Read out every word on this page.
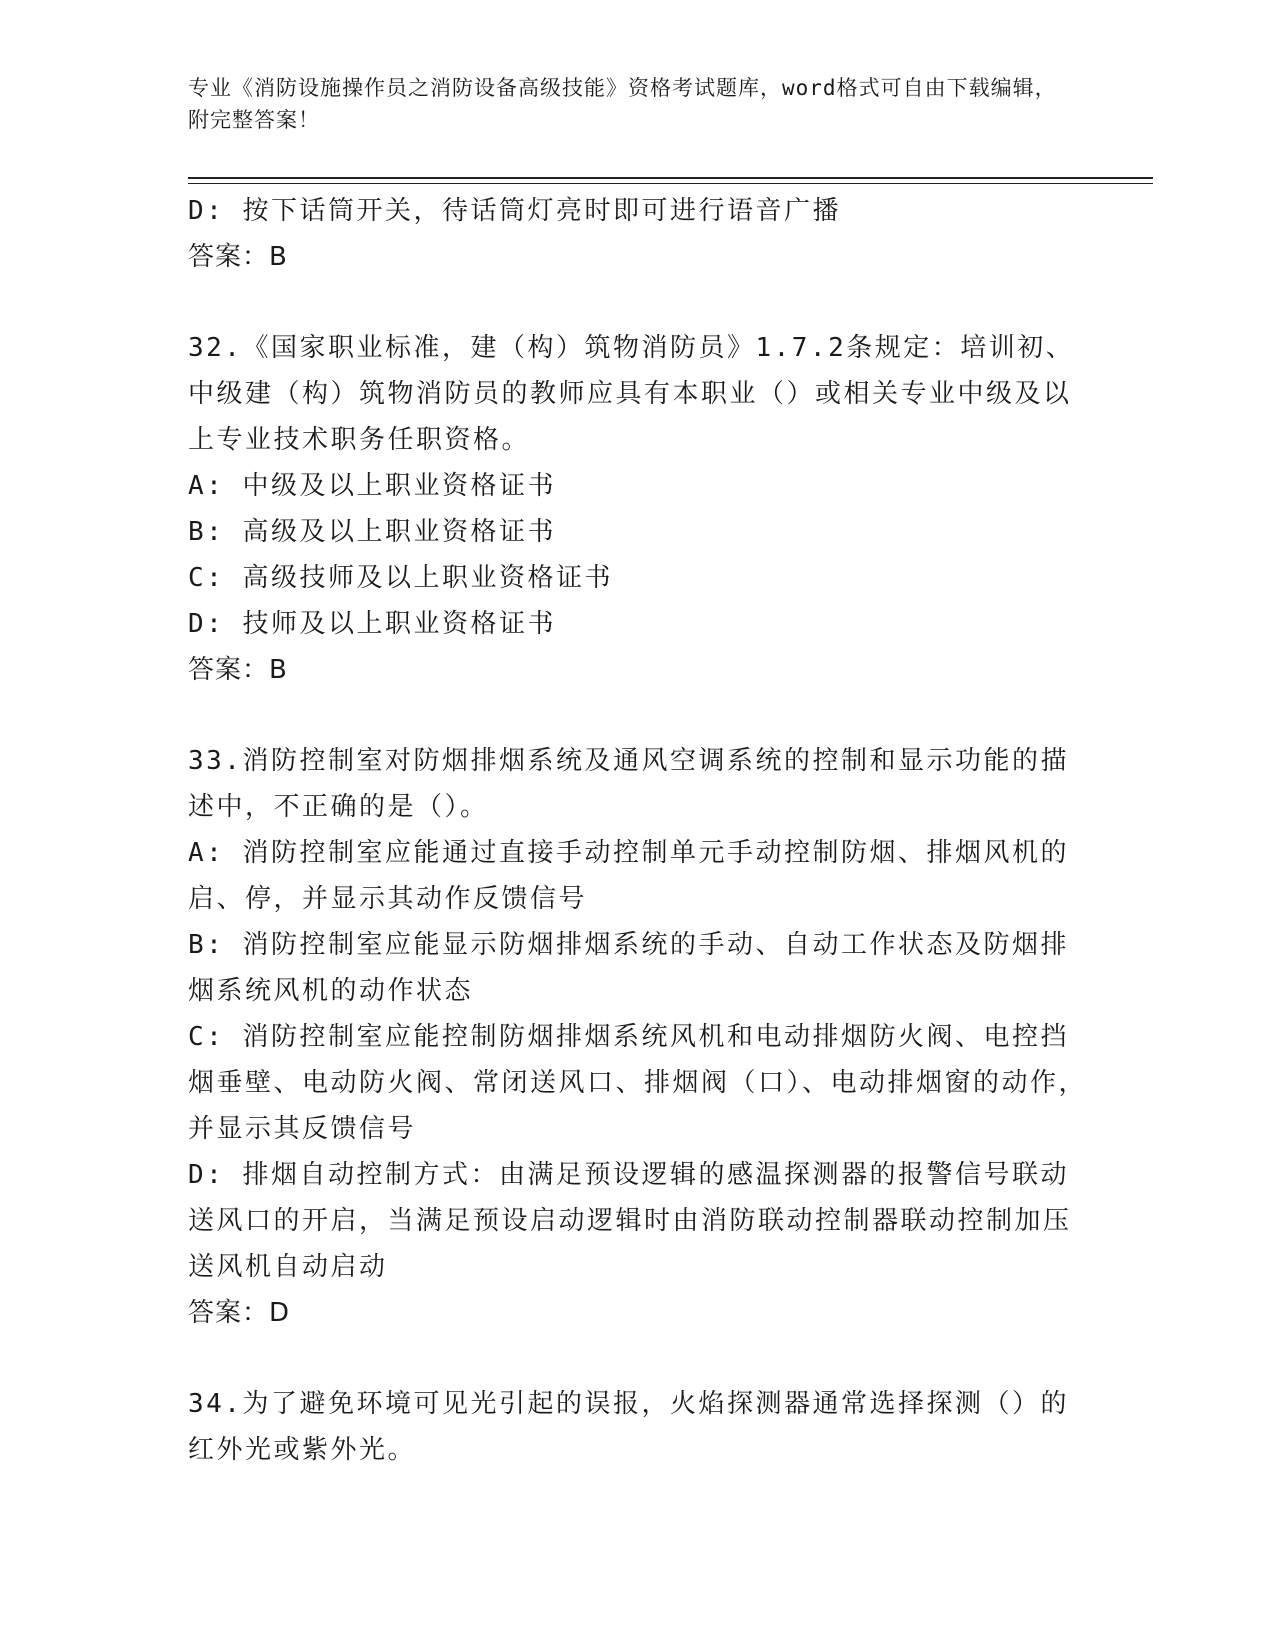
专业《消防设施操作员之消防设备高级技能》资格考试题库，word格式可自由下载编辑，附完整答案！
D: 按下话筒开关，待话筒灯亮时即可进行语音广播
答案：B
32.《国家职业标准，建（构）筑物消防员》1.7.2条规定：培训初、中级建（构）筑物消防员的教师应具有本职业（）或相关专业中级及以上专业技术职务任职资格。
A: 中级及以上职业资格证书
B: 高级及以上职业资格证书
C: 高级技师及以上职业资格证书
D: 技师及以上职业资格证书
答案：B
33.消防控制室对防烟排烟系统及通风空调系统的控制和显示功能的描述中，不正确的是（）。
A: 消防控制室应能通过直接手动控制单元手动控制防烟、排烟风机的启、停，并显示其动作反馈信号
B: 消防控制室应能显示防烟排烟系统的手动、自动工作状态及防烟排烟系统风机的动作状态
C: 消防控制室应能控制防烟排烟系统风机和电动排烟防火阀、电控挡烟垂壁、电动防火阀、常闭送风口、排烟阀（口）、电动排烟窗的动作，并显示其反馈信号
D: 排烟自动控制方式：由满足预设逻辑的感温探测器的报警信号联动送风口的开启，当满足预设启动逻辑时由消防联动控制器联动控制加压送风机自动启动
答案：D
34.为了避免环境可见光引起的误报，火焰探测器通常选择探测（）的红外光或紫外光。
